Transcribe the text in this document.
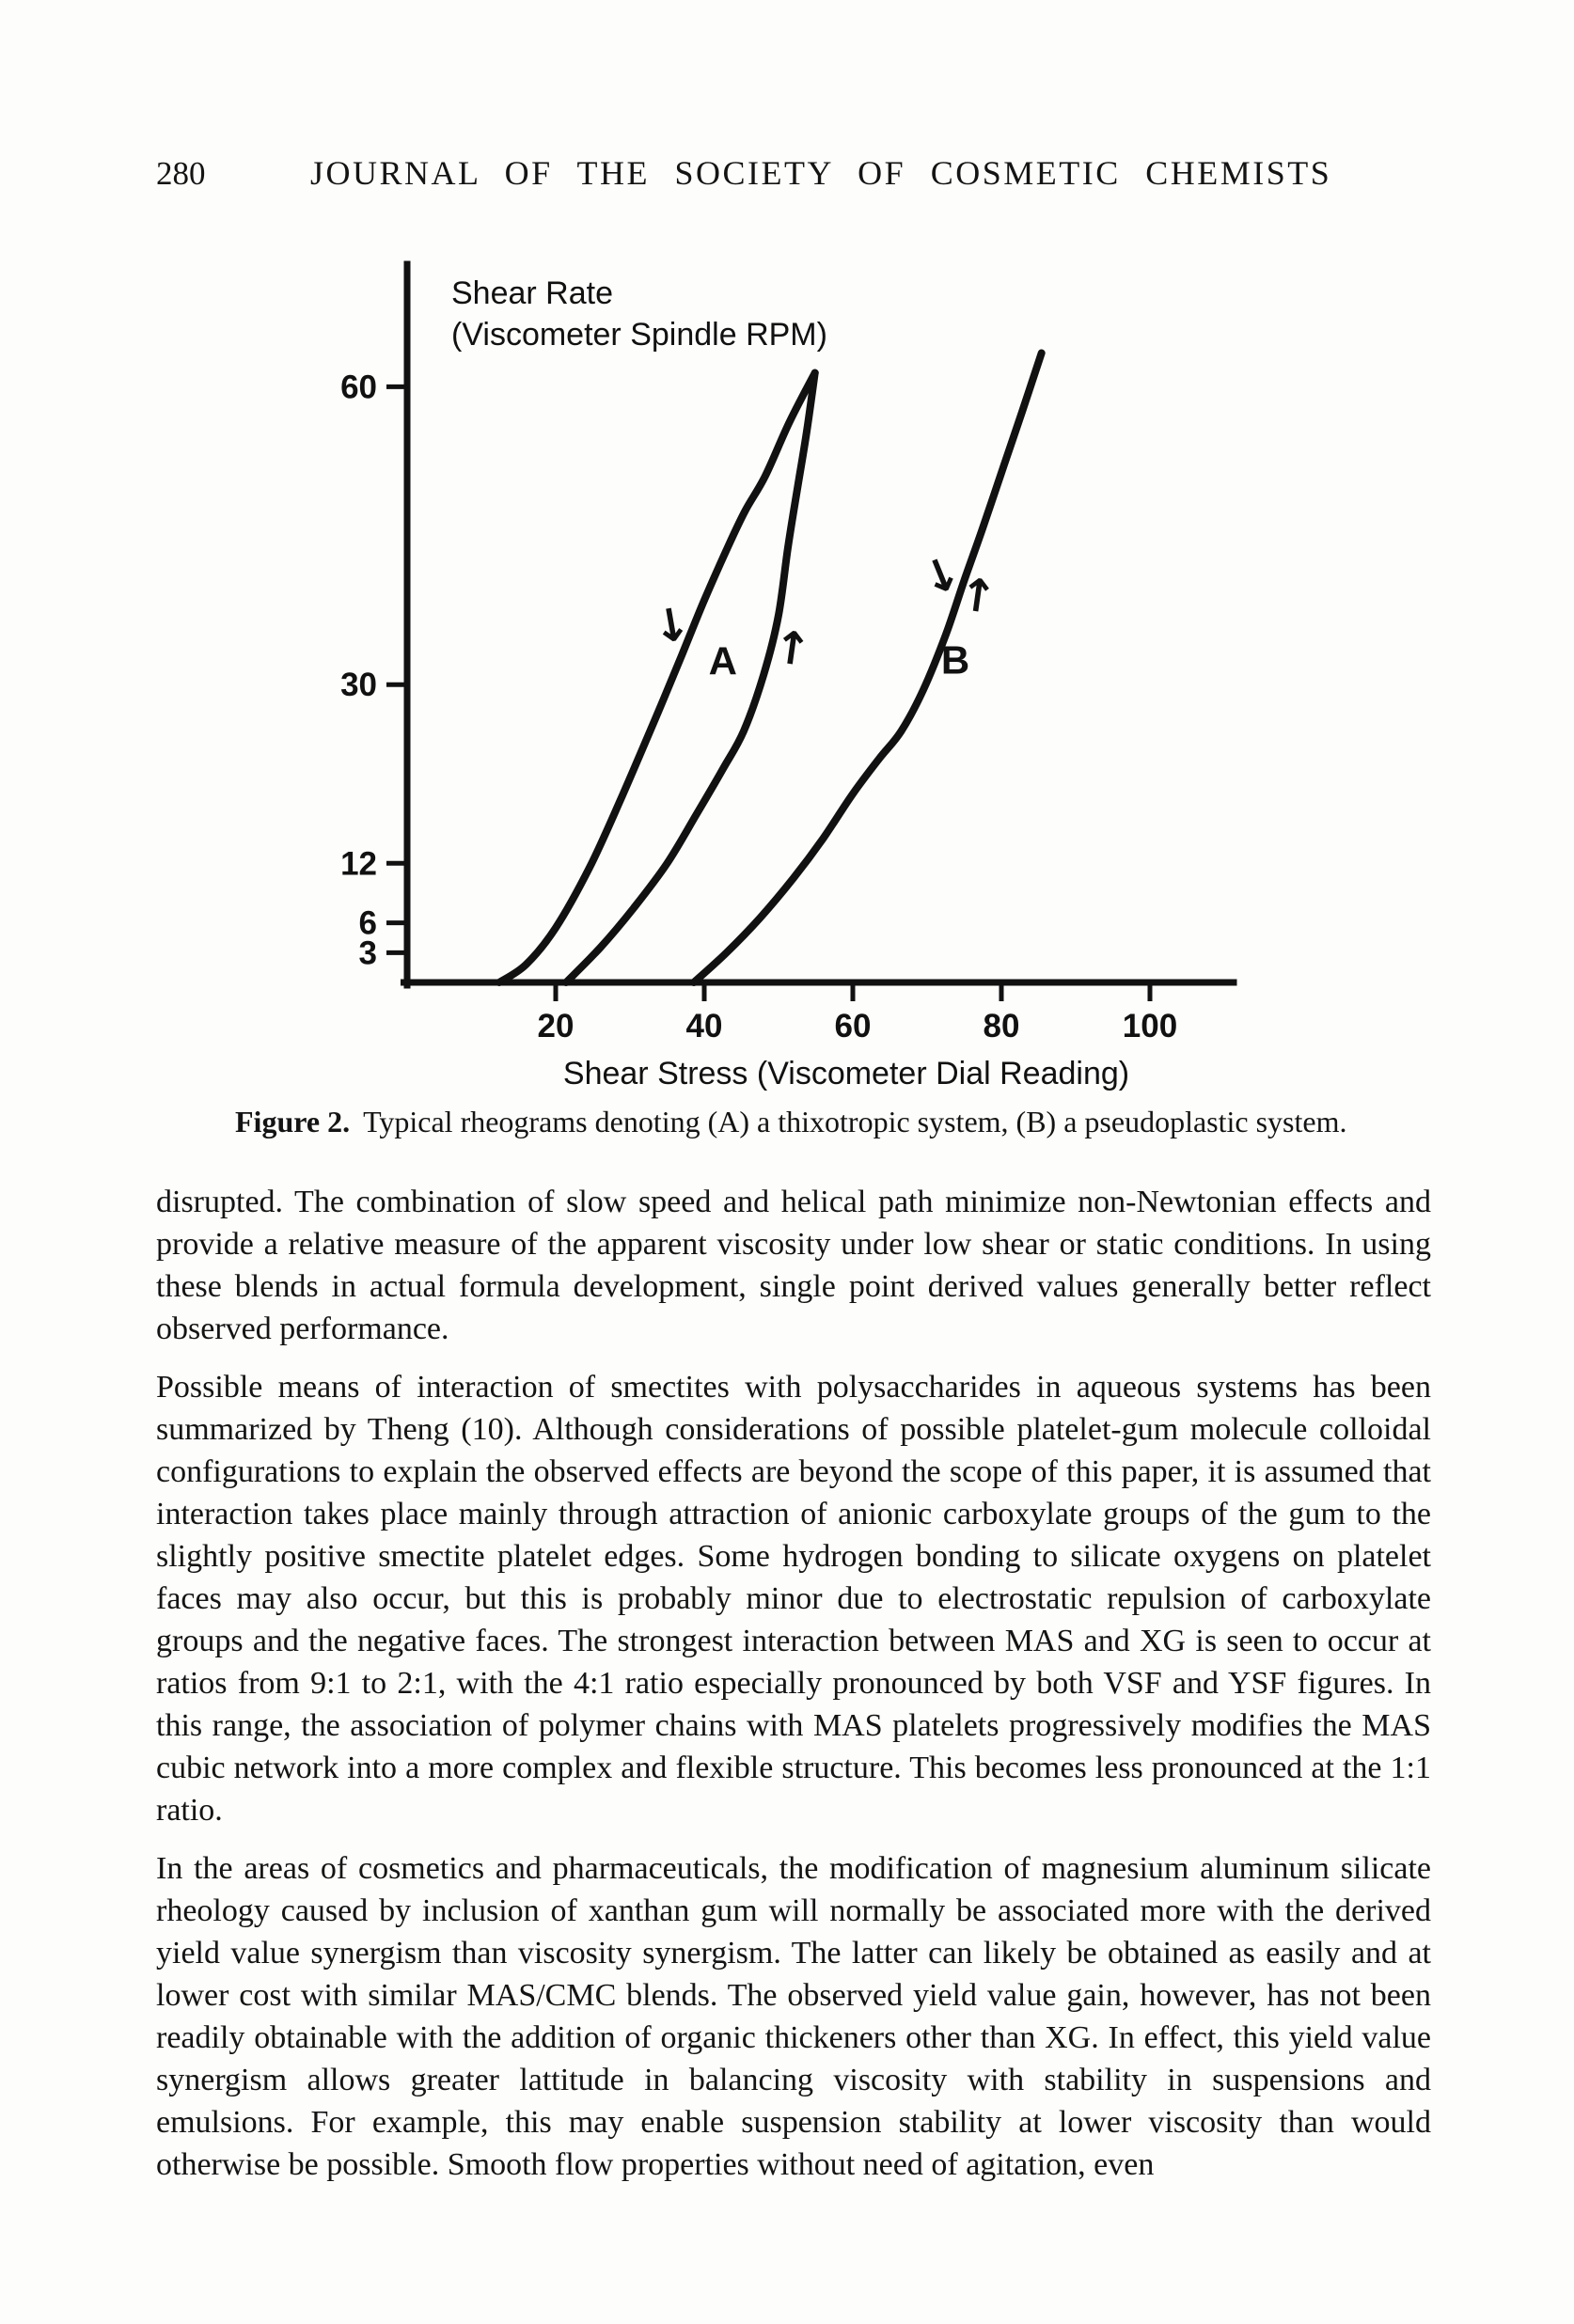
280	JOURNAL OF THE SOCIETY OF COSMETIC CHEMISTS
60
30
12
6
3
20	40	60	80	100
Shear Rate
(Viscometer Spindle RPM)
Shear Stress (Viscometer Dial Reading)
A	B
↓ ↑
↓
↑
Figure 2. Typical rheograms denoting (A) a thixotropic system, (B) a pseudoplastic system.

disrupted. The combination of slow speed and helical path minimize non-Newtonian effects and provide a relative measure of the apparent viscosity under low shear or static conditions. In using these blends in actual formula development, single point derived values generally better reflect observed performance.

Possible means of interaction of smectites with polysaccharides in aqueous systems has been summarized by Theng (10). Although considerations of possible platelet-gum molecule colloidal configurations to explain the observed effects are beyond the scope of this paper, it is assumed that interaction takes place mainly through attraction of anionic carboxylate groups of the gum to the slightly positive smectite platelet edges. Some hydrogen bonding to silicate oxygens on platelet faces may also occur, but this is probably minor due to electrostatic repulsion of carboxylate groups and the negative faces. The strongest interaction between MAS and XG is seen to occur at ratios from 9:1 to 2:1, with the 4:1 ratio especially pronounced by both VSF and YSF figures. In this range, the association of polymer chains with MAS platelets progressively modifies the MAS cubic network into a more complex and flexible structure. This becomes less pronounced at the 1:1 ratio.

In the areas of cosmetics and pharmaceuticals, the modification of magnesium aluminum silicate rheology caused by inclusion of xanthan gum will normally be associated more with the derived yield value synergism than viscosity synergism. The latter can likely be obtained as easily and at lower cost with similar MAS/CMC blends. The observed yield value gain, however, has not been readily obtainable with the addition of organic thickeners other than XG. In effect, this yield value synergism allows greater lattitude in balancing viscosity with stability in suspensions and emulsions. For example, this may enable suspension stability at lower viscosity than would otherwise be possible. Smooth flow properties without need of agitation, even
